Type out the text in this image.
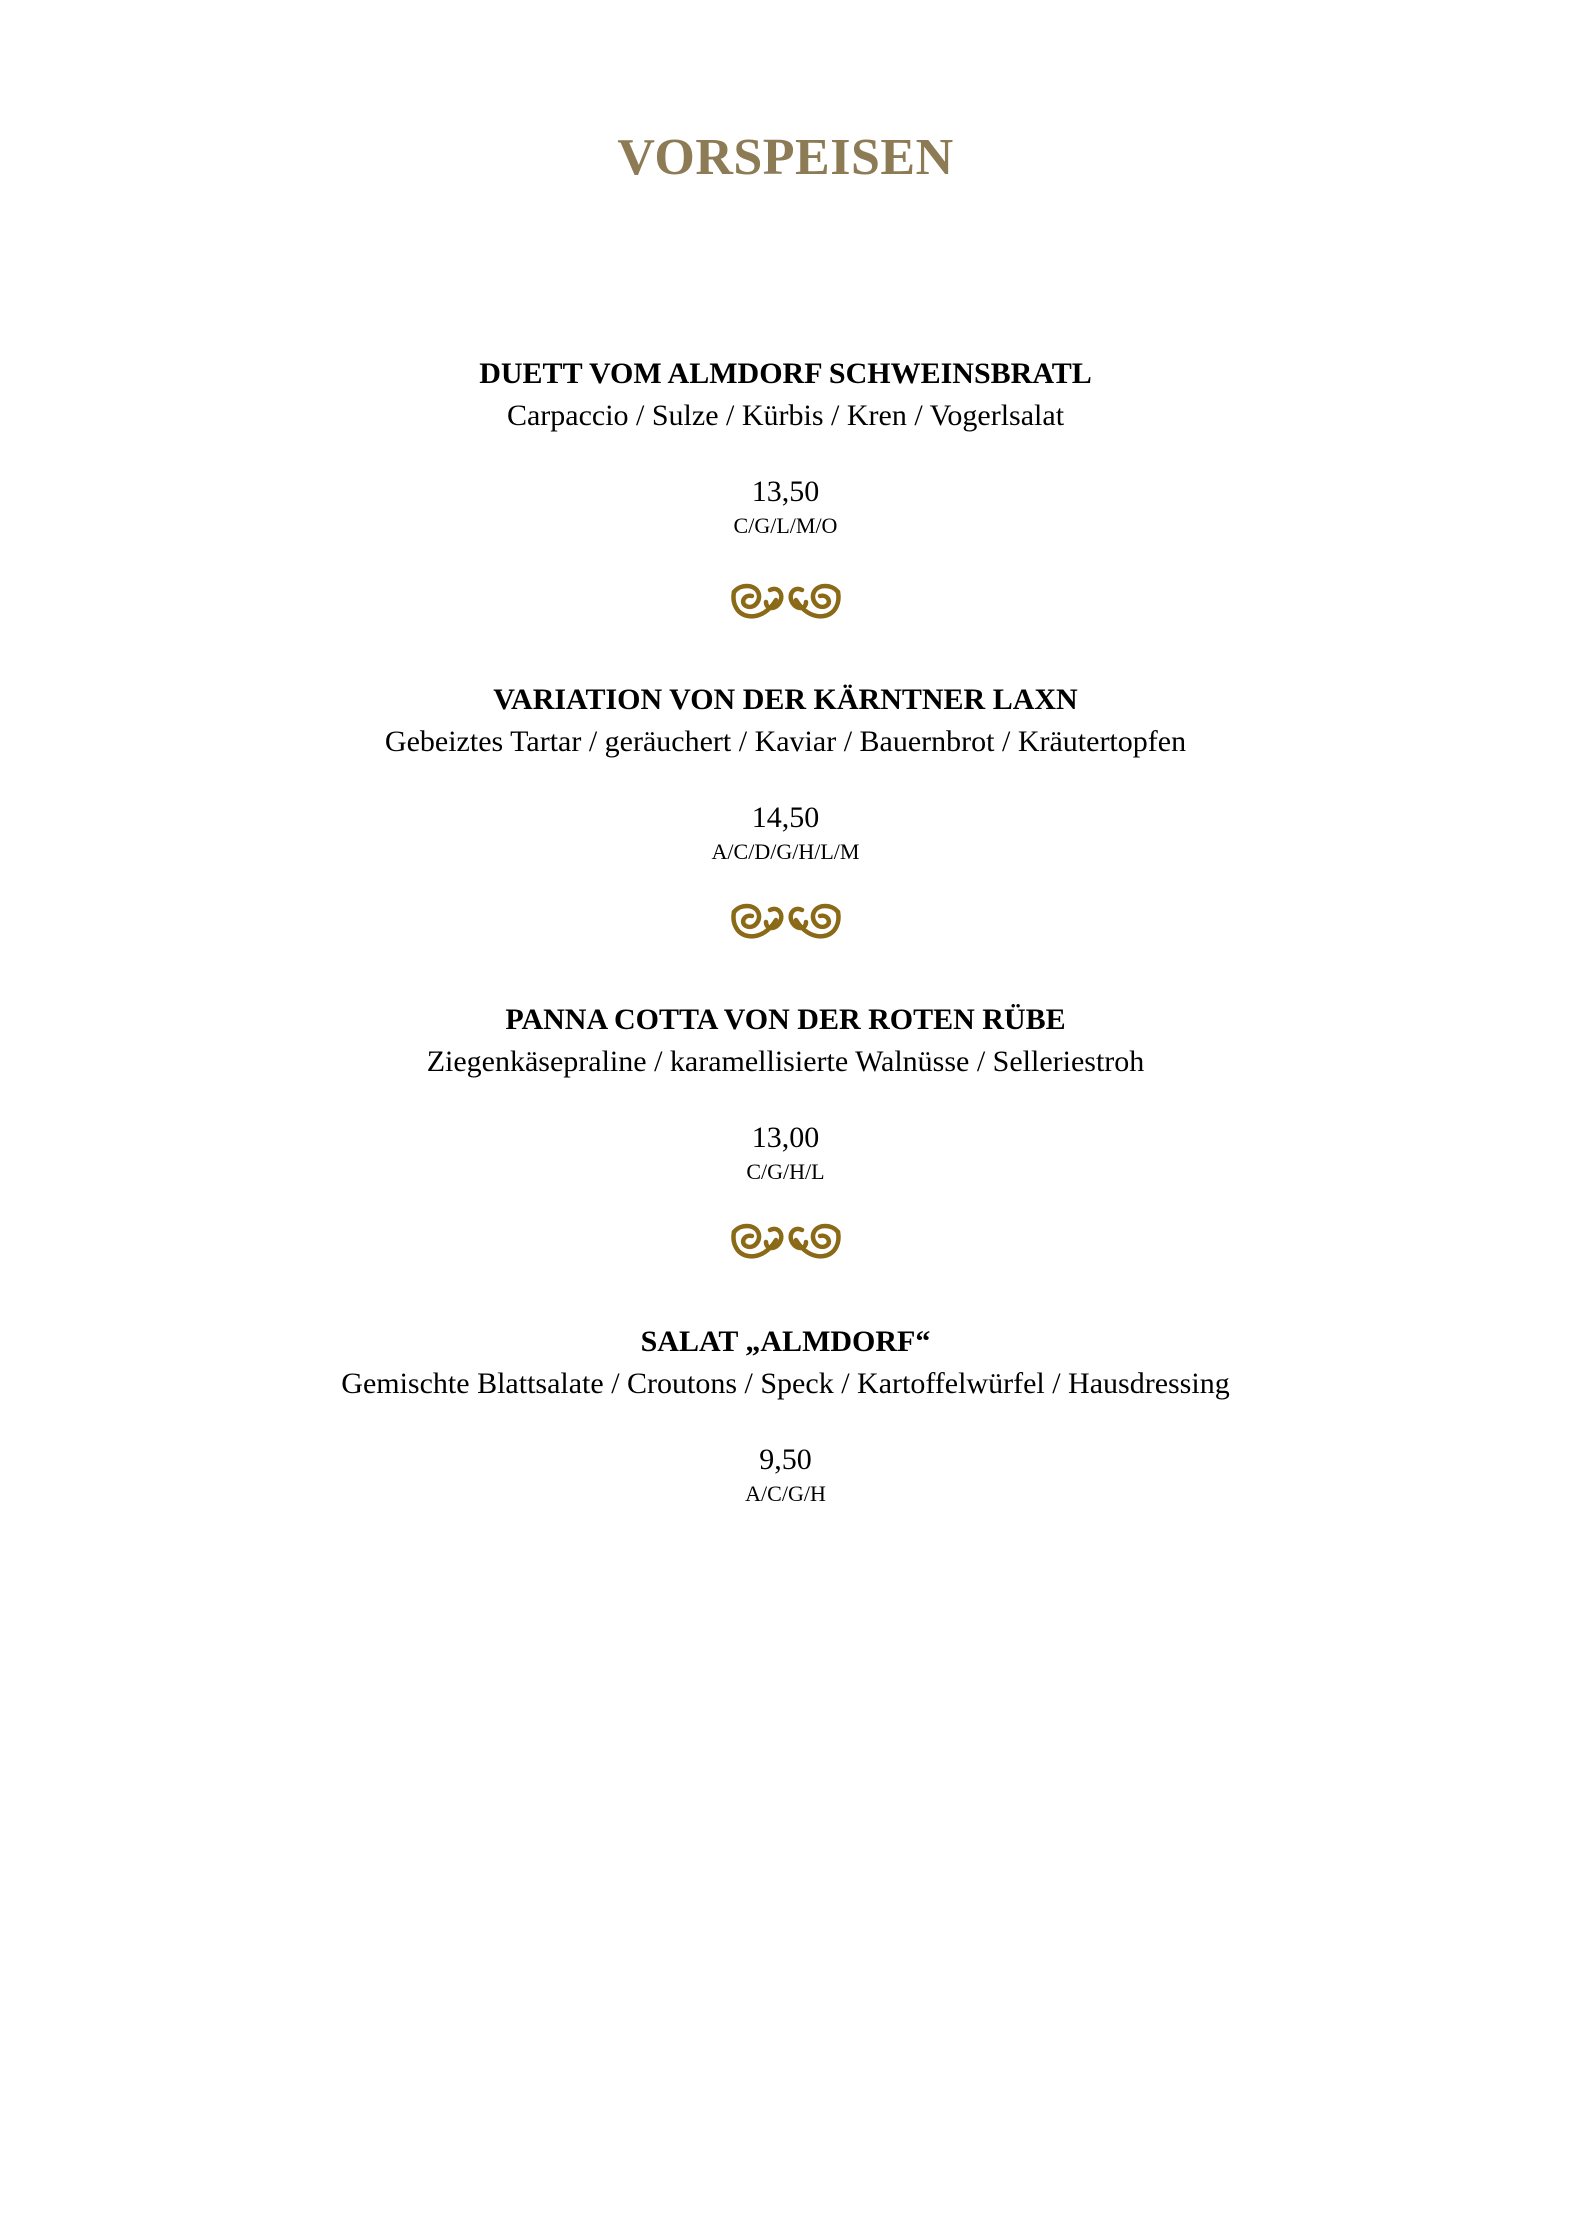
VORSPEISEN

DUETT VOM ALMDORF SCHWEINSBRATL

Carpaccio / Sulze / Kürbis / Kren / Vogerlsalat

13,50

C/G/L/M/O

VARIATION VON DER KÄRNTNER LAXN

Gebeiztes Tartar / geräuchert / Kaviar / Bauernbrot / Kräutertopfen

14,50

A/C/D/G/H/L/M

PANNA COTTA VON DER ROTEN RÜBE

Ziegenkäsepraline / karamellisierte Walnüsse / Selleriestroh

13,00

C/G/H/L

SALAT „ALMDORF“

Gemischte Blattsalate / Croutons / Speck / Kartoffelwürfel / Hausdressing

9,50

A/C/G/H
